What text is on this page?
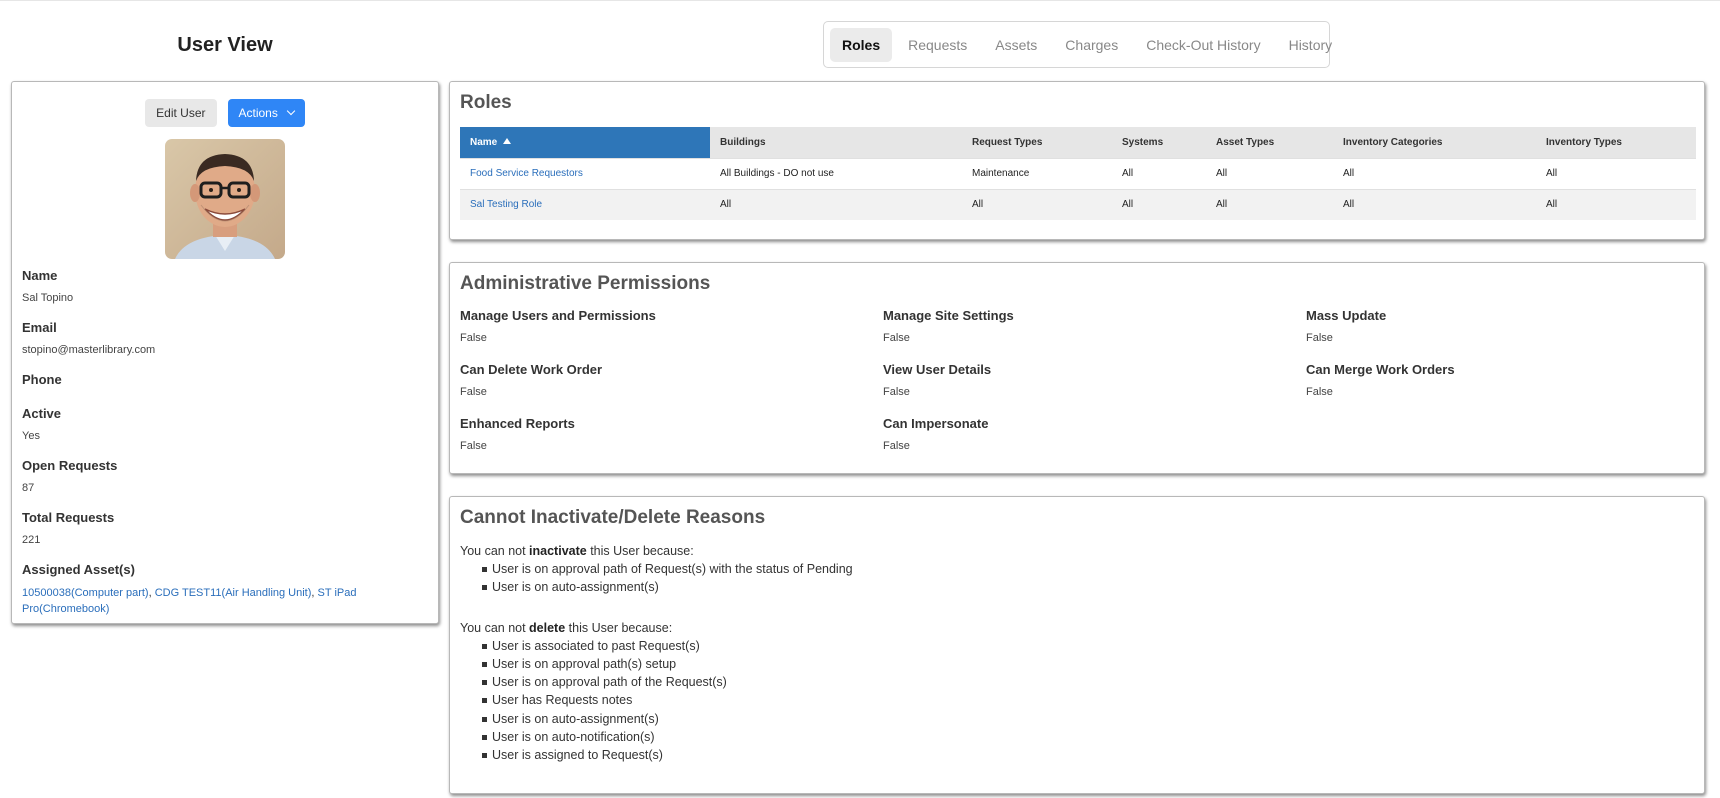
User View	Roles	Requests	Assets	Charges	Check-Out History	History
Edit User	Actions
Name
Sal Topino
Email
stopino@masterlibrary.com
Phone
Active
Yes
Open Requests
87
Total Requests
221
Assigned Asset(s)
10500038(Computer part), CDG TEST11(Air Handling Unit), ST iPad Pro(Chromebook)
Roles
Name	Buildings	Request Types	Systems	Asset Types	Inventory Categories	Inventory Types
Food Service Requestors	All Buildings - DO not use	Maintenance	All	All	All	All
Sal Testing Role	All	All	All	All	All	All
Administrative Permissions
Manage Users and Permissions
False
Manage Site Settings
False
Mass Update
False
Can Delete Work Order
False
View User Details
False
Can Merge Work Orders
False
Enhanced Reports
False
Can Impersonate
False
Cannot Inactivate/Delete Reasons
You can not inactivate this User because:
User is on approval path of Request(s) with the status of Pending
User is on auto-assignment(s)
You can not delete this User because:
User is associated to past Request(s)
User is on approval path(s) setup
User is on approval path of the Request(s)
User has Requests notes
User is on auto-assignment(s)
User is on auto-notification(s)
User is assigned to Request(s)
